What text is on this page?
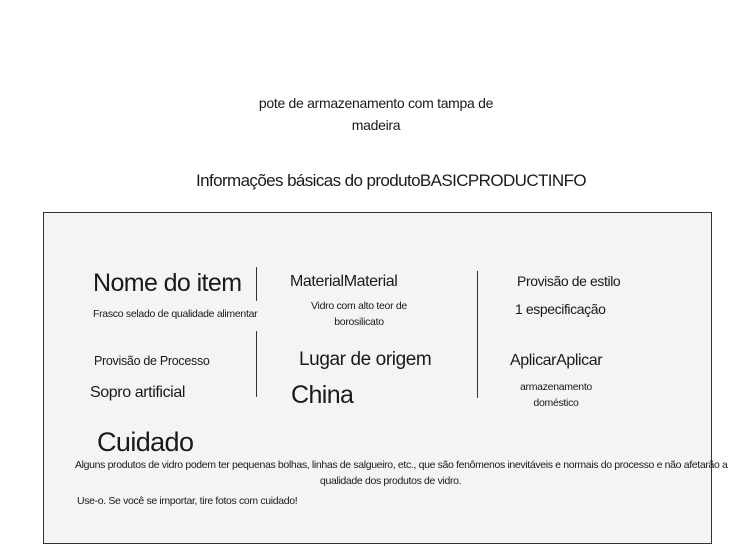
pote de armazenamento com tampa de madeira
Informações básicas do produtoBASICPRODUCTINFO
Nome do item
Frasco selado de qualidade alimentar
MaterialMaterial
Vidro com alto teor de borosilicato
Provisão de estilo
1 especificação
Provisão de Processo
Sopro artificial
Lugar de origem
China
AplicarAplicar
armazenamento doméstico
Cuidado
Alguns produtos de vidro podem ter pequenas bolhas, linhas de salgueiro, etc., que são fenômenos inevitáveis e normais do processo e não afetarão a
qualidade dos produtos de vidro.
Use-o. Se você se importar, tire fotos com cuidado!
